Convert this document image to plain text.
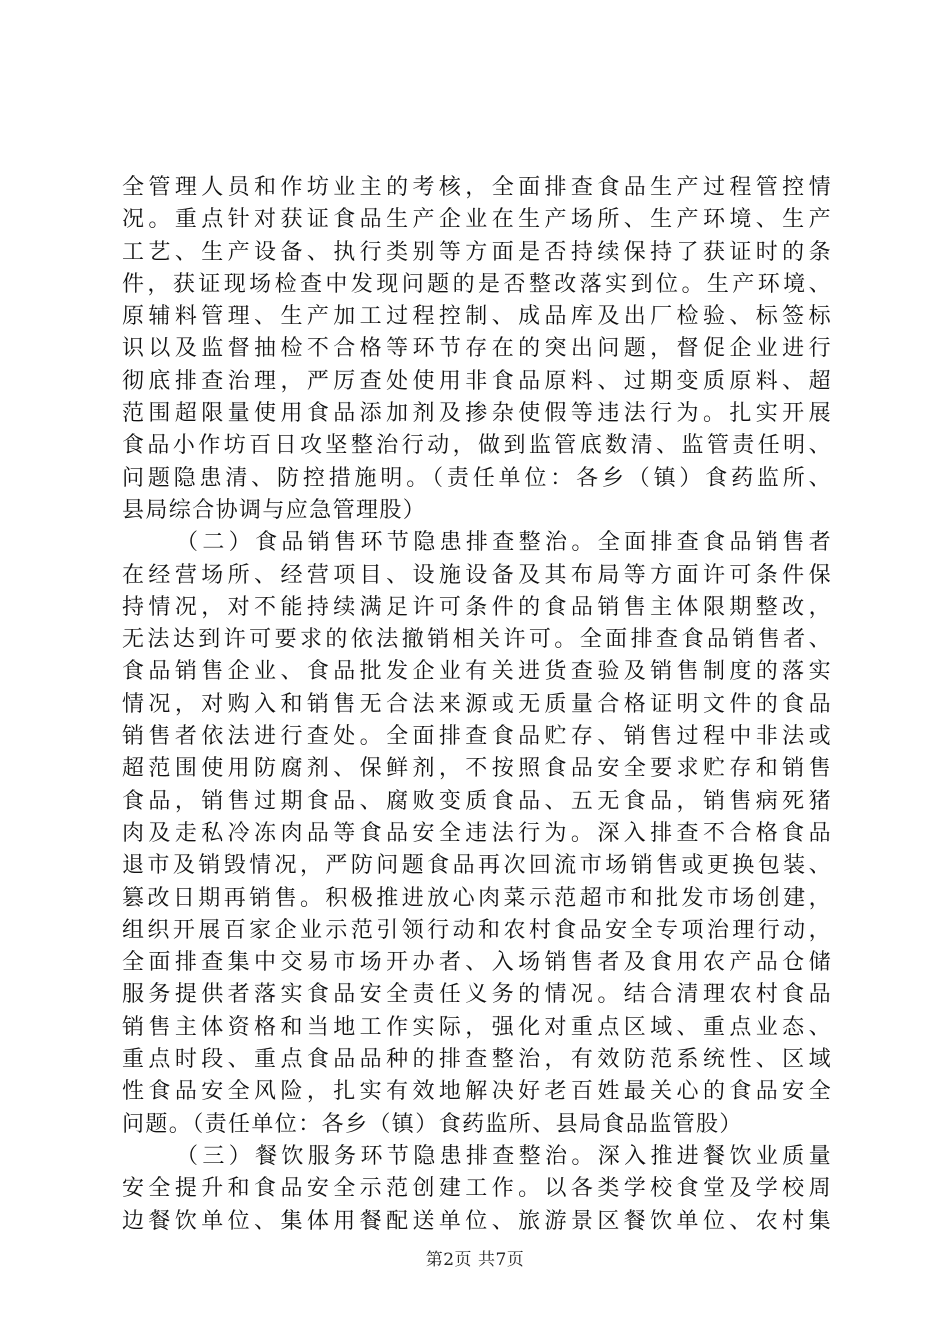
全管理人员和作坊业主的考核，全面排查食品生产过程管控情
况。重点针对获证食品生产企业在生产场所、生产环境、生产
工艺、生产设备、执行类别等方面是否持续保持了获证时的条
件，获证现场检查中发现问题的是否整改落实到位。生产环境、
原辅料管理、生产加工过程控制、成品库及出厂检验、标签标
识以及监督抽检不合格等环节存在的突出问题，督促企业进行
彻底排查治理，严厉查处使用非食品原料、过期变质原料、超
范围超限量使用食品添加剂及掺杂使假等违法行为。扎实开展
食品小作坊百日攻坚整治行动，做到监管底数清、监管责任明、
问题隐患清、防控措施明。（责任单位：各乡（镇）食药监所、
县局综合协调与应急管理股）
（二）食品销售环节隐患排查整治。全面排查食品销售者
在经营场所、经营项目、设施设备及其布局等方面许可条件保
持情况，对不能持续满足许可条件的食品销售主体限期整改，
无法达到许可要求的依法撤销相关许可。全面排查食品销售者、
食品销售企业、食品批发企业有关进货查验及销售制度的落实
情况，对购入和销售无合法来源或无质量合格证明文件的食品
销售者依法进行查处。全面排查食品贮存、销售过程中非法或
超范围使用防腐剂、保鲜剂，不按照食品安全要求贮存和销售
食品，销售过期食品、腐败变质食品、五无食品，销售病死猪
肉及走私冷冻肉品等食品安全违法行为。深入排查不合格食品
退市及销毁情况，严防问题食品再次回流市场销售或更换包装、
篡改日期再销售。积极推进放心肉菜示范超市和批发市场创建，
组织开展百家企业示范引领行动和农村食品安全专项治理行动，
全面排查集中交易市场开办者、入场销售者及食用农产品仓储
服务提供者落实食品安全责任义务的情况。结合清理农村食品
销售主体资格和当地工作实际，强化对重点区域、重点业态、
重点时段、重点食品品种的排查整治，有效防范系统性、区域
性食品安全风险，扎实有效地解决好老百姓最关心的食品安全
问题。（责任单位：各乡（镇）食药监所、县局食品监管股）
（三）餐饮服务环节隐患排查整治。深入推进餐饮业质量
安全提升和食品安全示范创建工作。以各类学校食堂及学校周
边餐饮单位、集体用餐配送单位、旅游景区餐饮单位、农村集
第2页 共7页
